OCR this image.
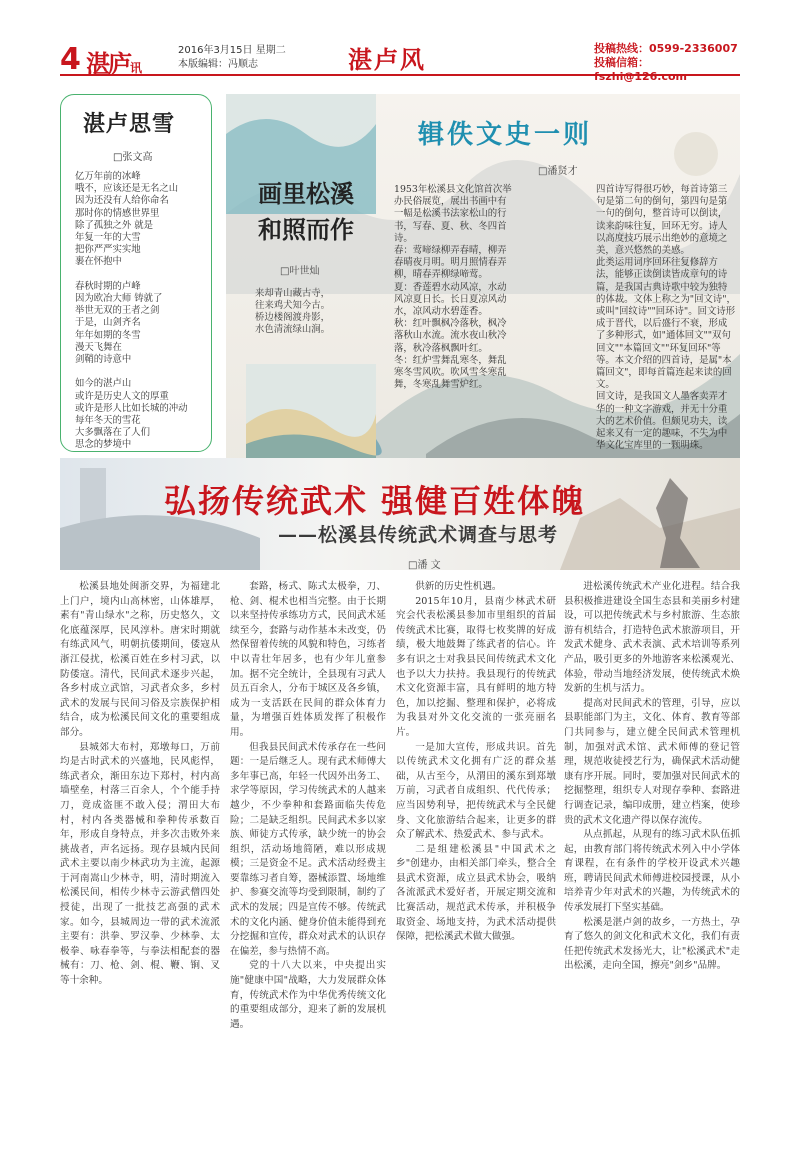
4 湛庐讯
2016年3月15日 星期二
本版编辑：冯顺志	湛卢风	投稿热线：0599-2336007
投稿信箱：fszhi@126.com
湛卢思雪
□张文高

亿万年前的冰峰
哦不，应该还是无名之山
因为还没有人给你命名
那时你的情感世界里
除了孤独之外 就是
年复一年的大雪
把你严严实实地
裹在怀抱中

春秋时期的卢峰
因为欧冶大师 铸就了
举世无双的王者之剑
于是，山剑齐名
年年如期的冬雪
漫天飞舞在
剑鞘的诗意中

如今的湛卢山
或许是历史人文的厚重
或许是形人比如长城的冲动
每年冬天的雪花
大多飘落在了人们
思念的梦境中

辑佚文史一则
□潘贤才
1953年松溪县文化馆首次举办民俗展览，展出书画中有一幅是松溪书法家松山的行书，写春、夏、秋、冬四首诗。
春：莺啼绿柳弄春晴，柳弄春晴夜月明。明月照情春弄柳，晴春弄柳绿啼莺。
夏：香莲碧水动风凉，水动风凉夏日长。长日夏凉风动水，凉风动水碧莲香。
秋：红叶飘枫冷落秋，枫冷落秋山水流。流水夜山秋冷落，秋冷落枫飘叶红。
冬：红炉雪舞乱寒冬，舞乱寒冬雪风吹。吹风雪冬寒乱舞，冬寒乱舞雪炉红。
四首诗写得很巧妙，每首诗第三句是第二句的倒句，第四句是第一句的倒句，整首诗可以倒读，读来韵味往复，回环无穷。诗人以高度技巧展示出绝妙的意境之美，意兴悠然的美感。
此类运用词序回环往复修辞方法，能够正读倒读皆成章句的诗篇，是我国古典诗歌中较为独特的体裁。文体上称之为"回文诗"，或叫"回纹诗""回环诗"。回文诗形成于晋代，以后盛行不衰，形成了多种形式，如"通体回文""双句回文""本篇回文""环复回环"等等。本文介绍的四首诗，是属"本篇回文"，即每首篇连起来读的回文。
回文诗，是我国文人墨客卖弄才华的一种文字游戏，并无十分重大的艺术价值。但颇见功夫，读起来又有一定的趣味，不失为中华文化宝库里的一颗明珠。
画里松溪
和照而作
□叶世灿
来却青山藏古寺，
往来鸡犬知今古。
桥边楼阁渡舟影，
水色清流绿山涧。
弘扬传统武术 强健百姓体魄
——松溪县传统武术调查与思考
□潘 文
松溪县地处闽浙交界，为福建北上门户，境内山高林密，山体雄厚，素有"青山绿水"之称，历史悠久，文化底蕴深厚，民风淳朴。唐宋时期就有练武风气，明朝抗倭期间，倭寇从浙江侵扰，松溪百姓在乡村习武，以防倭寇。清代，民间武术逐步兴起，各乡村成立武馆，习武者众多，乡村武术的发展与民间习俗及宗族保护相结合，成为松溪民间文化的重要组成部分。
县城郊大布村，郑墩每口，万前均是古时武术的兴盛地，民风彪悍，练武者众，渐田东边下郑村，村内高墙壁垒，村落三百余人，个个能手持刀，竟成盗匪不敢入侵；渭田大布村，村内各类器械和拳种传承数百年，形成自身特点，并多次击败外来挑战者，声名远扬。现存县城内民间武术主要以南少林武功为主流，起源于河南嵩山少林寺，明，清时期流入松溪民间，相传少林寺云游武僧四处授徒，出现了一批技艺高强的武术家。如今，县城周边一带的武术流派主要有：洪拳、罗汉拳、少林拳、太极拳、咏春拳等，与拳法相配套的器械有：刀、枪、剑、棍、鞭、锏、叉等十余种。
套路，杨式、陈式太极拳，刀、枪、剑、棍术也相当完整。由于长期以来坚持传承练功方式，民间武术延续至今，套路与动作基本未改变，仍然保留着传统的风貌和特色，习练者中以青壮年居多，也有少年儿童参加。据不完全统计，全县现有习武人员五百余人，分布于城区及各乡镇，成为一支活跃在民间的群众体育力量，为增强百姓体质发挥了积极作用。
但我县民间武术传承存在一些问题：一是后继乏人。现有武术师傅大多年事已高，年轻一代因外出务工、求学等原因，学习传统武术的人越来越少，不少拳种和套路面临失传危险；二是缺乏组织。民间武术多以家族、师徒方式传承，缺少统一的协会组织，活动场地简陋，难以形成规模；三是资金不足。武术活动经费主要靠练习者自筹，器械添置、场地维护、参赛交流等均受到限制，制约了武术的发展；四是宣传不够。传统武术的文化内涵、健身价值未能得到充分挖掘和宣传，群众对武术的认识存在偏差，参与热情不高。
党的十八大以来，中央提出实施"健康中国"战略，大力发展群众体育，传统武术作为中华优秀传统文化的重要组成部分，迎来了新的发展机遇。
供新的历史性机遇。
2015年10月，县南少林武术研究会代表松溪县参加市里组织的首届传统武术比赛，取得七枚奖牌的好成绩，极大地鼓舞了练武者的信心。许多有识之士对我县民间传统武术文化也予以大力扶持。我县现行的传统武术文化资源丰富，具有鲜明的地方特色，加以挖掘、整理和保护，必将成为我县对外文化交流的一张亮丽名片。
一是加大宣传，形成共识。首先以传统武术文化拥有广泛的群众基础，从古至今，从渭田的溪东到郑墩万前，习武者自成组织、代代传承；应当因势利导，把传统武术与全民健身、文化旅游结合起来，让更多的群众了解武术、热爱武术、参与武术。
二是组建松溪县"中国武术之乡"创建办，由相关部门牵头，整合全县武术资源，成立县武术协会，吸纳各流派武术爱好者，开展定期交流和比赛活动，规范武术传承，并积极争取资金、场地支持，为武术活动提供保障，把松溪武术做大做强。
进松溪传统武术产业化进程。结合我县积极推进建设全国生态县和美丽乡村建设，可以把传统武术与乡村旅游、生态旅游有机结合，打造特色武术旅游项目，开发武术健身、武术表演、武术培训等系列产品，吸引更多的外地游客来松溪观光、体验，带动当地经济发展，使传统武术焕发新的生机与活力。
提高对民间武术的管理，引导，应以县职能部门为主，文化、体育、教育等部门共同参与，建立健全民间武术管理机制，加强对武术馆、武术师傅的登记管理，规范收徒授艺行为，确保武术活动健康有序开展。同时，要加强对民间武术的挖掘整理，组织专人对现存拳种、套路进行调查记录，编印成册，建立档案，使珍贵的武术文化遗产得以保存流传。
从点抓起，从现有的练习武术队伍抓起，由教育部门将传统武术列入中小学体育课程，在有条件的学校开设武术兴趣班，聘请民间武术师傅进校园授课，从小培养青少年对武术的兴趣，为传统武术的传承发展打下坚实基础。
松溪是湛卢剑的故乡，一方热土，孕育了悠久的剑文化和武术文化，我们有责任把传统武术发扬光大，让"松溪武术"走出松溪，走向全国，擦亮"剑乡"品牌。
